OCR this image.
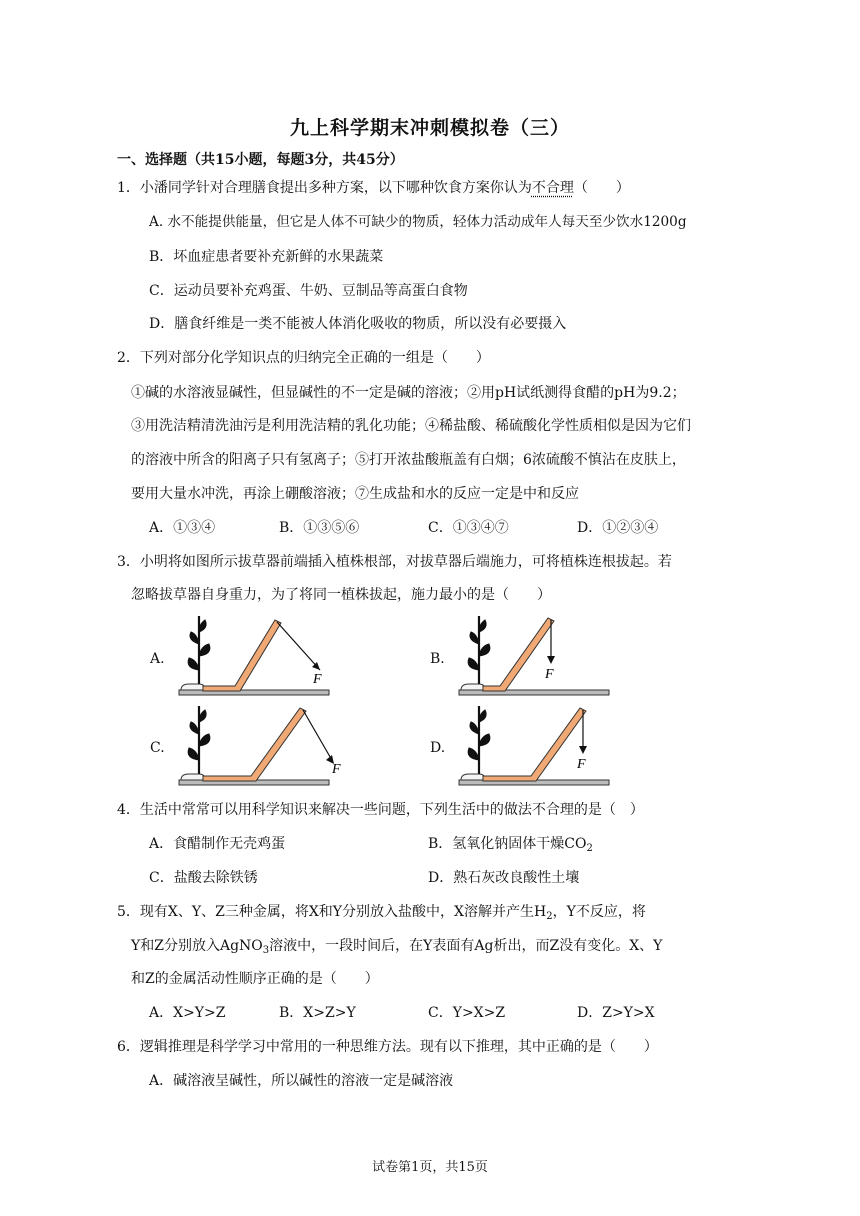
九上科学期末冲刺模拟卷（三）
一、选择题（共15小题，每题3分，共45分）
1．小潘同学针对合理膳食提出多种方案，以下哪种饮食方案你认为不合理（　　）
A. 水不能提供能量，但它是人体不可缺少的物质，轻体力活动成年人每天至少饮水1200g
B．坏血症患者要补充新鲜的水果蔬菜
C．运动员要补充鸡蛋、牛奶、豆制品等高蛋白食物
D．膳食纤维是一类不能被人体消化吸收的物质，所以没有必要摄入
2．下列对部分化学知识点的归纳完全正确的一组是（　　）
①碱的水溶液显碱性，但显碱性的不一定是碱的溶液；②用pH试纸测得食醋的pH为9.2；
③用洗洁精清洗油污是利用洗洁精的乳化功能；④稀盐酸、稀硫酸化学性质相似是因为它们
的溶液中所含的阳离子只有氢离子；⑤打开浓盐酸瓶盖有白烟；6浓硫酸不慎沾在皮肤上，
要用大量水冲洗，再涂上硼酸溶液；⑦生成盐和水的反应一定是中和反应
A．①③④	B．①③⑤⑥	C．①③④⑦	D．①②③④
3．小明将如图所示拔草器前端插入植株根部，对拔草器后端施力，可将植株连根拔起。若
忽略拔草器自身重力，为了将同一植株拔起，施力最小的是（　　）
A.	B.
C.	D.
F	F
F	F
4．生活中常常可以用科学知识来解决一些问题，下列生活中的做法不合理的是（　）
A．食醋制作无壳鸡蛋	B．氢氧化钠固体干燥$CO_2$
C．盐酸去除铁锈	D．熟石灰改良酸性土壤
5．现有X、Y、Z三种金属，将X和Y分别放入盐酸中，X溶解并产生$H_2$，Y不反应，将
Y和Z分别放入AgNO$_3$溶液中，一段时间后，在Y表面有Ag析出，而Z没有变化。X、Y
和Z的金属活动性顺序正确的是（　　）
A．X>Y>Z	B．X>Z>Y	C．Y>X>Z	D．Z>Y>X
6．逻辑推理是科学学习中常用的一种思维方法。现有以下推理，其中正确的是（　　）
A．碱溶液呈碱性，所以碱性的溶液一定是碱溶液
试卷第1页，共15页
